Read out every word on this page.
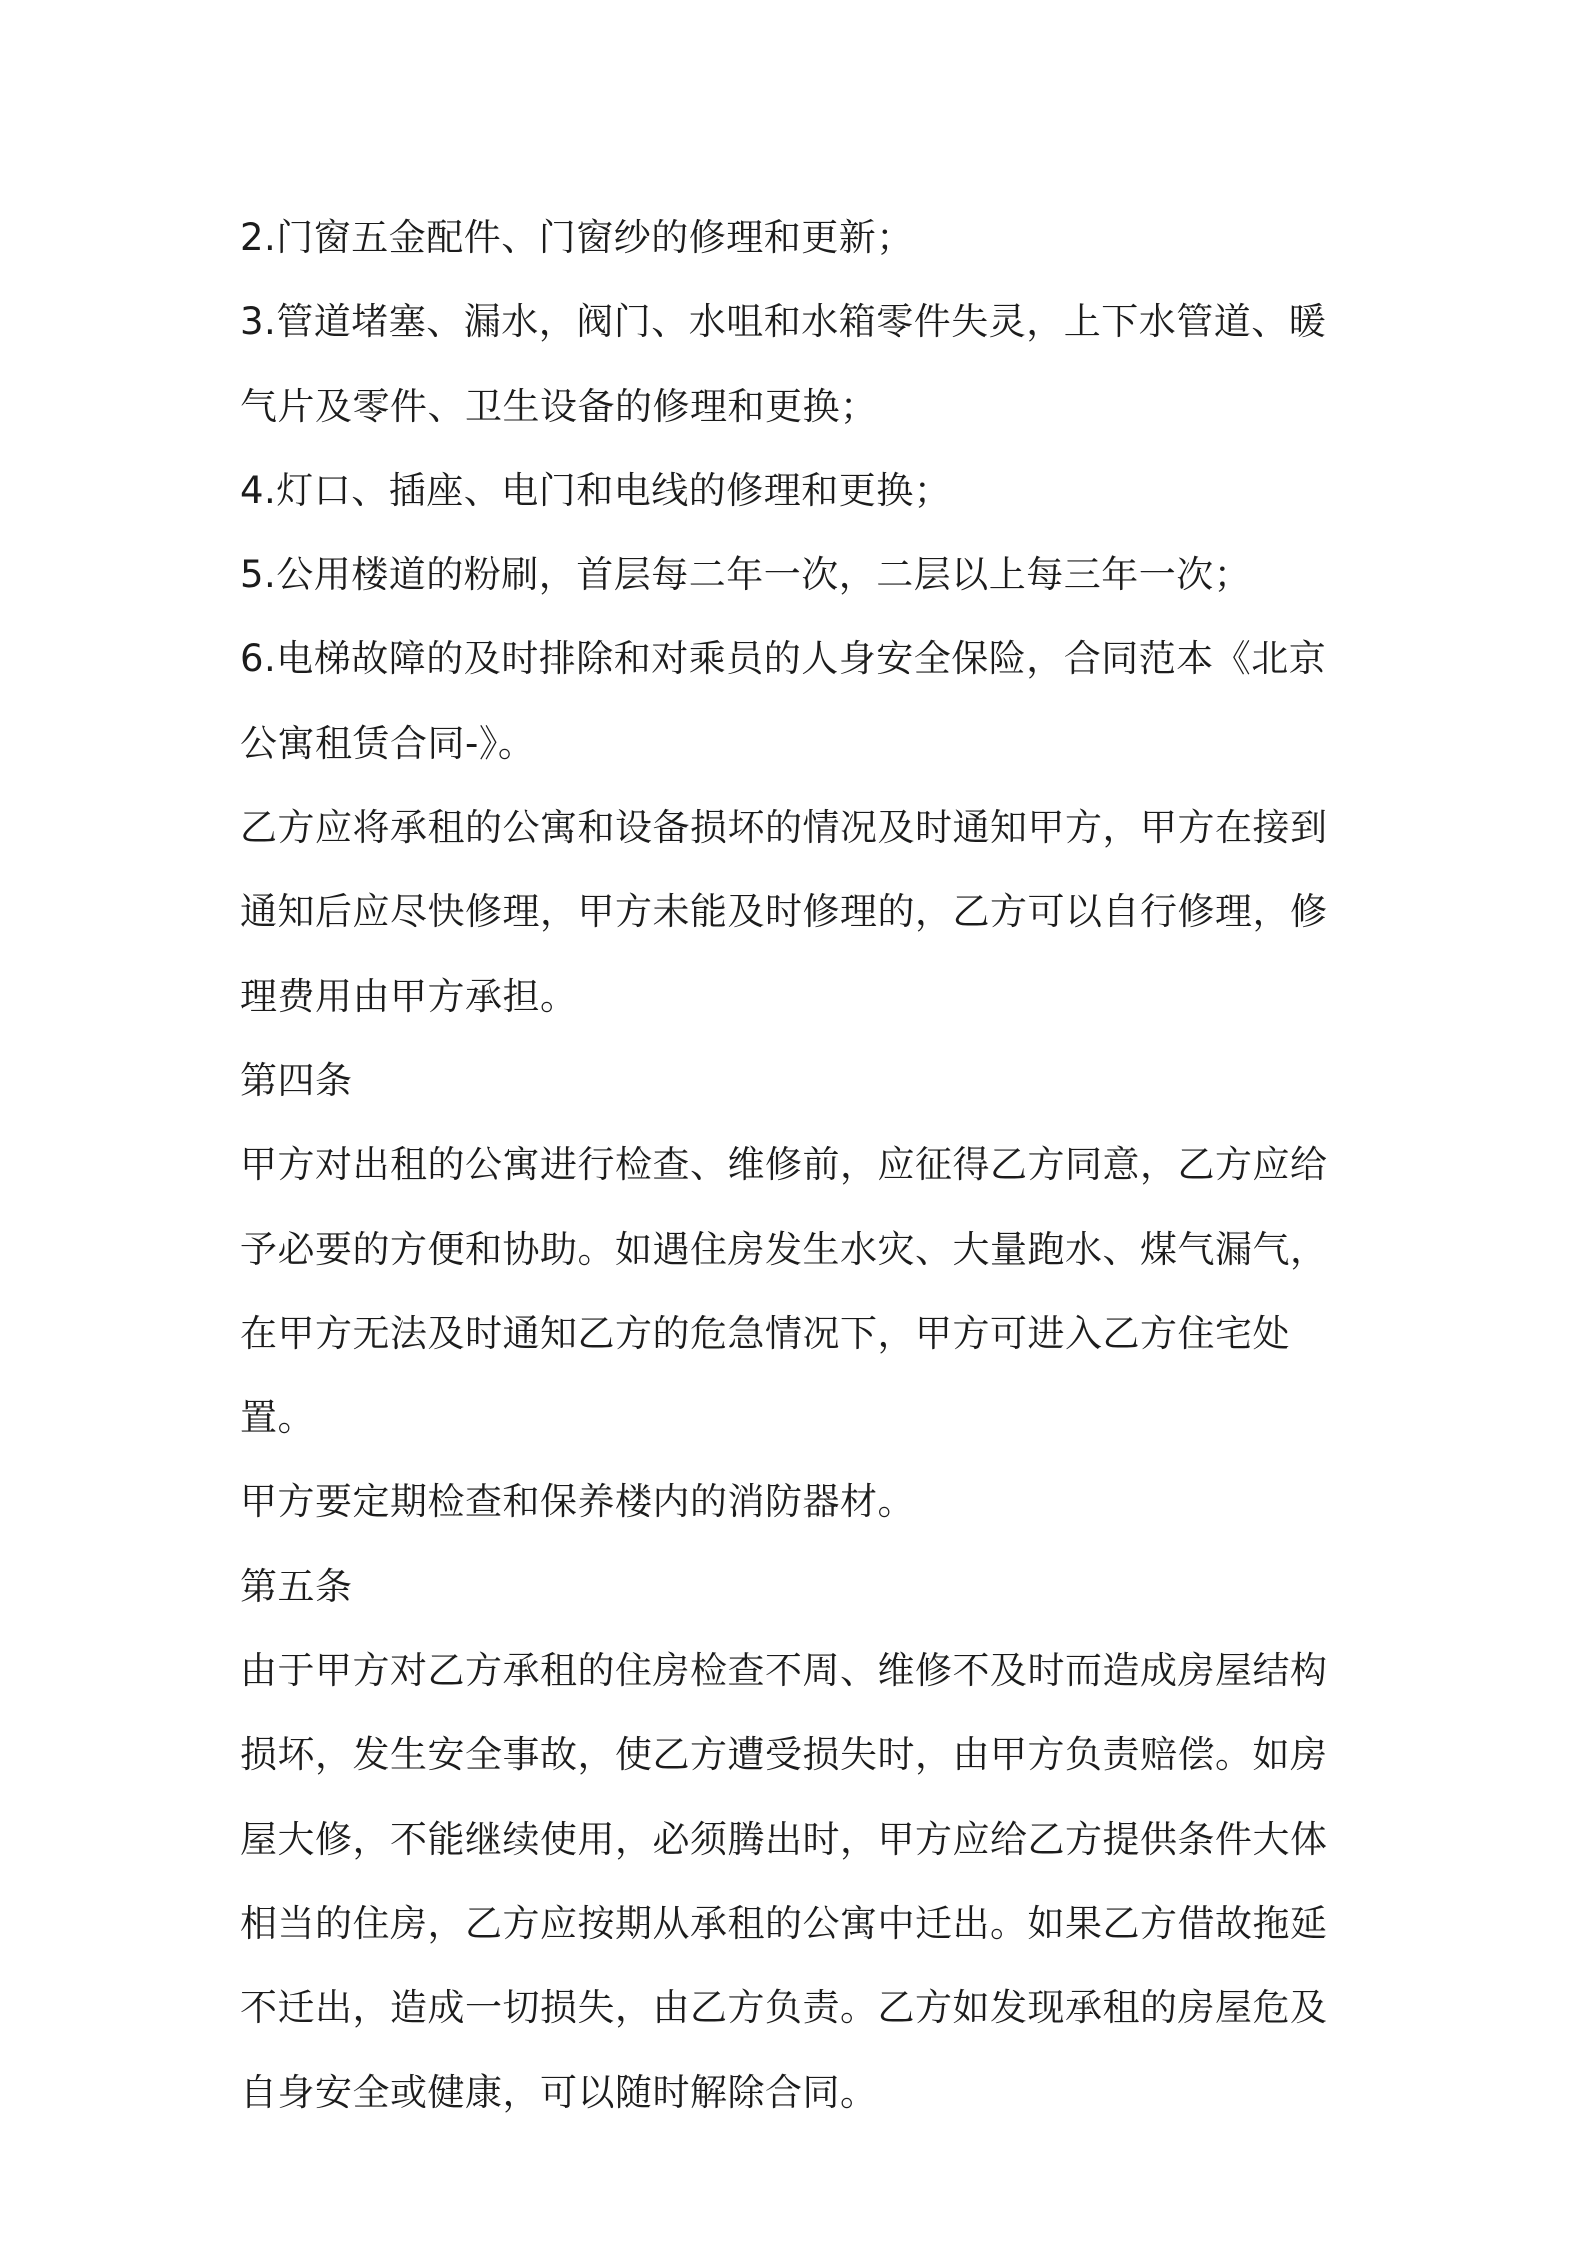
2.门窗五金配件、门窗纱的修理和更新；

3.管道堵塞、漏水，阀门、水咀和水箱零件失灵，上下水管道、暖气片及零件、卫生设备的修理和更换；

4.灯口、插座、电门和电线的修理和更换；

5.公用楼道的粉刷，首层每二年一次，二层以上每三年一次；

6.电梯故障的及时排除和对乘员的人身安全保险，合同范本《北京公寓租赁合同-》。

乙方应将承租的公寓和设备损坏的情况及时通知甲方，甲方在接到通知后应尽快修理，甲方未能及时修理的，乙方可以自行修理，修理费用由甲方承担。

第四条

甲方对出租的公寓进行检查、维修前，应征得乙方同意，乙方应给予必要的方便和协助。如遇住房发生水灾、大量跑水、煤气漏气，在甲方无法及时通知乙方的危急情况下，甲方可进入乙方住宅处置。

甲方要定期检查和保养楼内的消防器材。

第五条

由于甲方对乙方承租的住房检查不周、维修不及时而造成房屋结构损坏，发生安全事故，使乙方遭受损失时，由甲方负责赔偿。如房屋大修，不能继续使用，必须腾出时，甲方应给乙方提供条件大体相当的住房，乙方应按期从承租的公寓中迁出。如果乙方借故拖延不迁出，造成一切损失，由乙方负责。乙方如发现承租的房屋危及自身安全或健康，可以随时解除合同。
